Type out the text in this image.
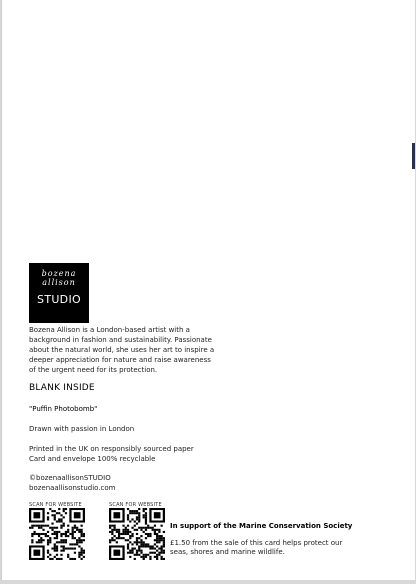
bozena
allison
STUDIO
Bozena Allison is a London-based artist with a
background in fashion and sustainability. Passionate
about the natural world, she uses her art to inspire a
deeper appreciation for nature and raise awareness
of the urgent need for its protection.
BLANK INSIDE
"Puffin Photobomb"
Drawn with passion in London
Printed in the UK on responsibly sourced paper
Card and envelope 100% recyclable
©bozenaallisonSTUDIO
bozenaallisonstudio.com
SCAN FOR WEBSITE	SCAN FOR WEBSITE
In support of the Marine Conservation Society
£1.50 from the sale of this card helps protect our
seas, shores and marine wildlife.
